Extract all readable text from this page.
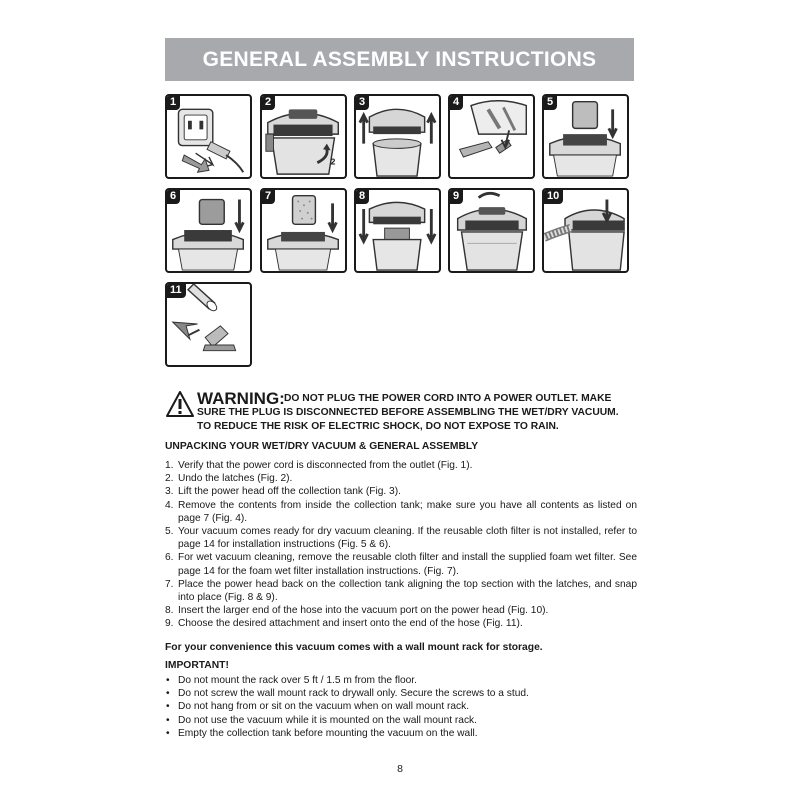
GENERAL ASSEMBLY INSTRUCTIONS
1	2
2
3	4	5
6	7	8	9	10
11
WARNING: DO NOT PLUG THE POWER CORD INTO A POWER OUTLET. MAKE
SURE THE PLUG IS DISCONNECTED BEFORE ASSEMBLING THE WET/DRY VACUUM.
TO REDUCE THE RISK OF ELECTRIC SHOCK, DO NOT EXPOSE TO RAIN.
UNPACKING YOUR WET/DRY VACUUM & GENERAL ASSEMBLY
1. Verify that the power cord is disconnected from the outlet (Fig. 1).
2. Undo the latches (Fig. 2).
3. Lift the power head off the collection tank (Fig. 3).
4. Remove the contents from inside the collection tank; make sure you have all contents as listed on page 7 (Fig. 4).
5. Your vacuum comes ready for dry vacuum cleaning. If the reusable cloth filter is not installed, refer to page 14 for installation instructions (Fig. 5 & 6).
6. For wet vacuum cleaning, remove the reusable cloth filter and install the supplied foam wet filter. See page 14 for the foam wet filter installation instructions. (Fig. 7).
7. Place the power head back on the collection tank aligning the top section with the latches, and snap into place (Fig. 8 & 9).
8. Insert the larger end of the hose into the vacuum port on the power head (Fig. 10).
9. Choose the desired attachment and insert onto the end of the hose (Fig. 11).
For your convenience this vacuum comes with a wall mount rack for storage.
IMPORTANT!
• Do not mount the rack over 5 ft / 1.5 m from the floor.
• Do not screw the wall mount rack to drywall only. Secure the screws to a stud.
• Do not hang from or sit on the vacuum when on wall mount rack.
• Do not use the vacuum while it is mounted on the wall mount rack.
• Empty the collection tank before mounting the vacuum on the wall.
8
